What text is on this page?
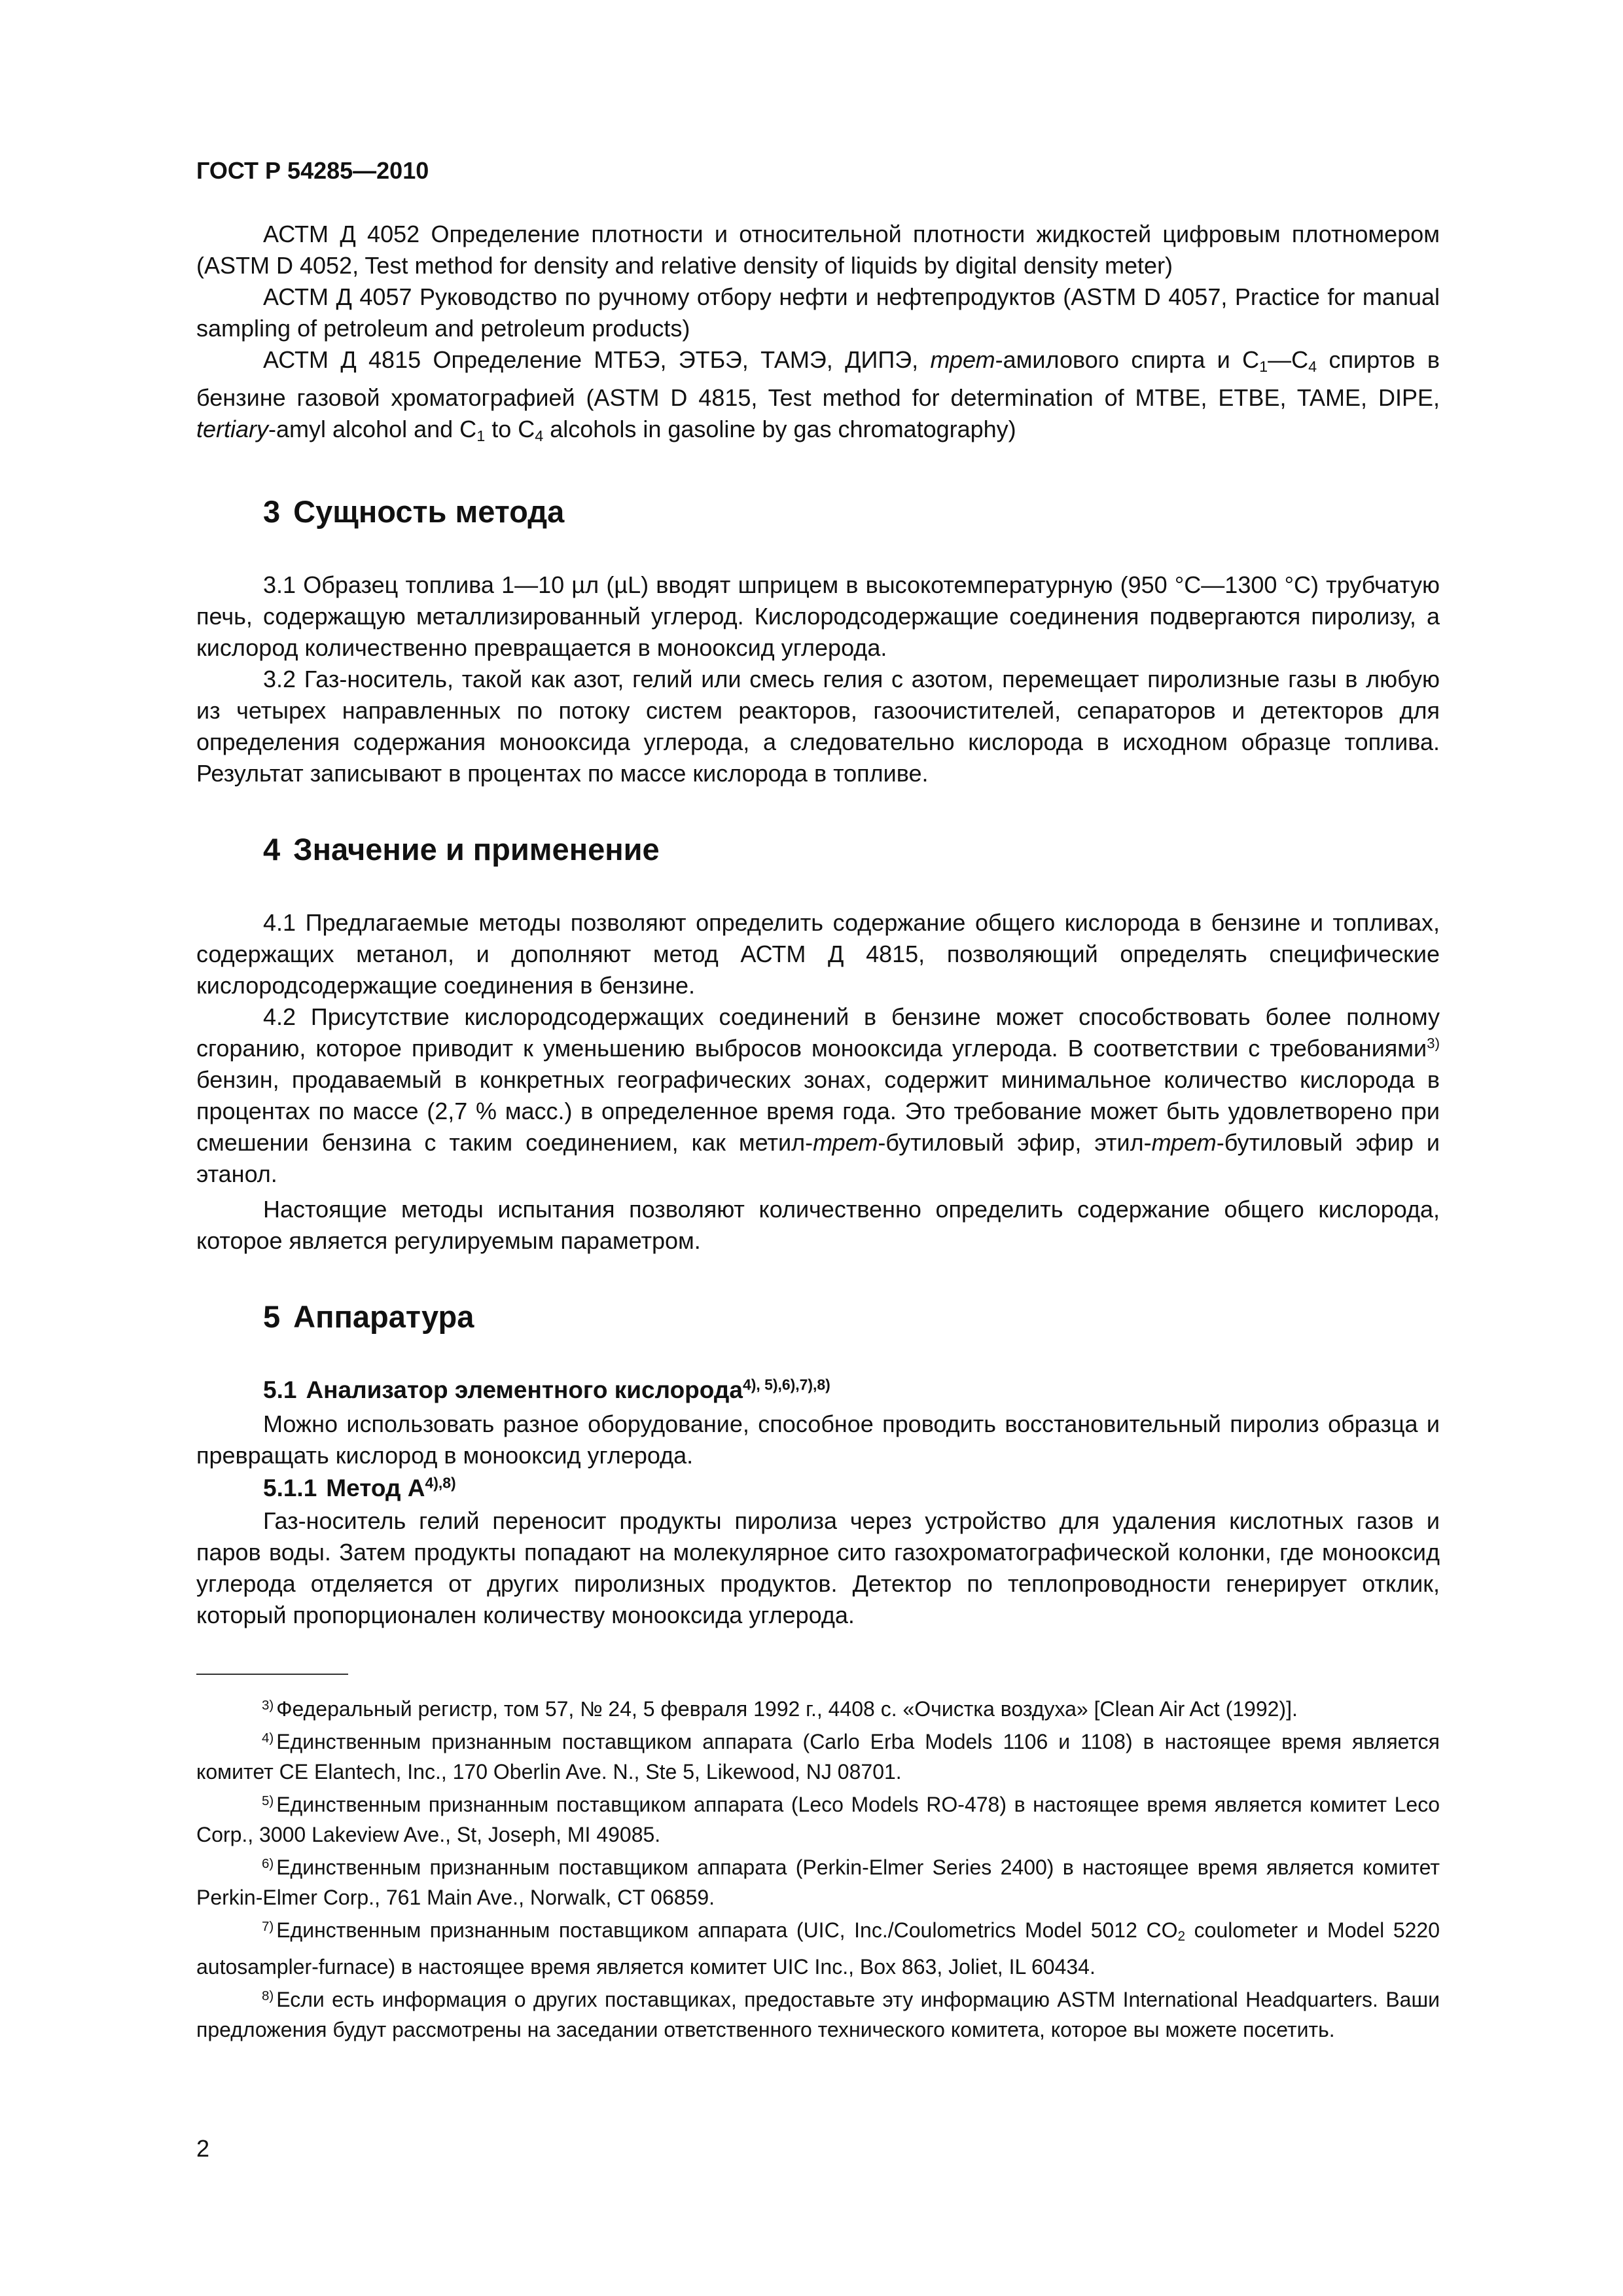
ГОСТ Р 54285—2010

АСТМ Д 4052 Определение плотности и относительной плотности жидкостей цифровым плотномером (ASTM D 4052, Test method for density and relative density of liquids by digital density meter)

АСТМ Д 4057 Руководство по ручному отбору нефти и нефтепродуктов (ASTM D 4057, Practice for manual sampling of petroleum and petroleum products)

АСТМ Д 4815 Определение МТБЭ, ЭТБЭ, ТАМЭ, ДИПЭ, трет-амилового спирта и $С_1—С_4$ спиртов в бензине газовой хроматографией (ASTM D 4815, Test method for determination of MTBE, ETBE, TAME, DIPE, tertiary-amyl alcohol and $C_1$ to $C_4$ alcohols in gasoline by gas chromatography)

3 Сущность метода

3.1 Образец топлива 1—10 µл (µL) вводят шприцем в высокотемпературную (950 °С—1300 °С) трубчатую печь, содержащую металлизированный углерод. Кислородсодержащие соединения подвергаются пиролизу, а кислород количественно превращается в монооксид углерода.

3.2 Газ-носитель, такой как азот, гелий или смесь гелия с азотом, перемещает пиролизные газы в любую из четырех направленных по потоку систем реакторов, газоочистителей, сепараторов и детекторов для определения содержания монооксида углерода, а следовательно кислорода в исходном образце топлива. Результат записывают в процентах по массе кислорода в топливе.

4 Значение и применение

4.1 Предлагаемые методы позволяют определить содержание общего кислорода в бензине и топливах, содержащих метанол, и дополняют метод АСТМ Д 4815, позволяющий определять специфические кислородсодержащие соединения в бензине.

4.2 Присутствие кислородсодержащих соединений в бензине может способствовать более полному сгоранию, которое приводит к уменьшению выбросов монооксида углерода. В соответствии с требованиями$^{3)}$ бензин, продаваемый в конкретных географических зонах, содержит минимальное количество кислорода в процентах по массе (2,7 % масс.) в определенное время года. Это требование может быть удовлетворено при смешении бензина с таким соединением, как метил-трет-бутиловый эфир, этил-трет-бутиловый эфир и этанол.

Настоящие методы испытания позволяют количественно определить содержание общего кислорода, которое является регулируемым параметром.

5 Аппаратура
5.1 Анализатор элементного кислорода$^{4), 5),6),7),8)}$

Можно использовать разное оборудование, способное проводить восстановительный пиролиз образца и превращать кислород в монооксид углерода.

5.1.1 Метод $А^{4),8)}$

Газ-носитель гелий переносит продукты пиролиза через устройство для удаления кислотных газов и паров воды. Затем продукты попадают на молекулярное сито газохроматографической колонки, где монооксид углерода отделяется от других пиролизных продуктов. Детектор по теплопроводности генерирует отклик, который пропорционален количеству монооксида углерода.

$^{3)}$ Федеральный регистр, том 57, № 24, 5 февраля 1992 г., 4408 с. «Очистка воздуха» [Clean Air Act (1992)].

$^{4)}$ Единственным признанным поставщиком аппарата (Carlo Erba Models 1106 и 1108) в настоящее время является комитет CE Elantech, Inc., 170 Oberlin Ave. N., Ste 5, Likewood, NJ 08701.

$^{5)}$ Единственным признанным поставщиком аппарата (Leco Models RO-478) в настоящее время является комитет Leco Corp., 3000 Lakeview Ave., St, Joseph, MI 49085.

$^{6)}$ Единственным признанным поставщиком аппарата (Perkin-Elmer Series 2400) в настоящее время является комитет Perkin-Elmer Corp., 761 Main Ave., Norwalk, CT 06859.

$^{7)}$ Единственным признанным поставщиком аппарата (UIC, Inc./Coulometrics Model 5012 $CO_2$ coulometer и Model 5220 autosampler-furnace) в настоящее время является комитет UIC Inc., Box 863, Joliet, IL 60434.

$^{8)}$ Если есть информация о других поставщиках, предоставьте эту информацию ASTM International Headquarters. Ваши предложения будут рассмотрены на заседании ответственного технического комитета, которое вы можете посетить.

2
